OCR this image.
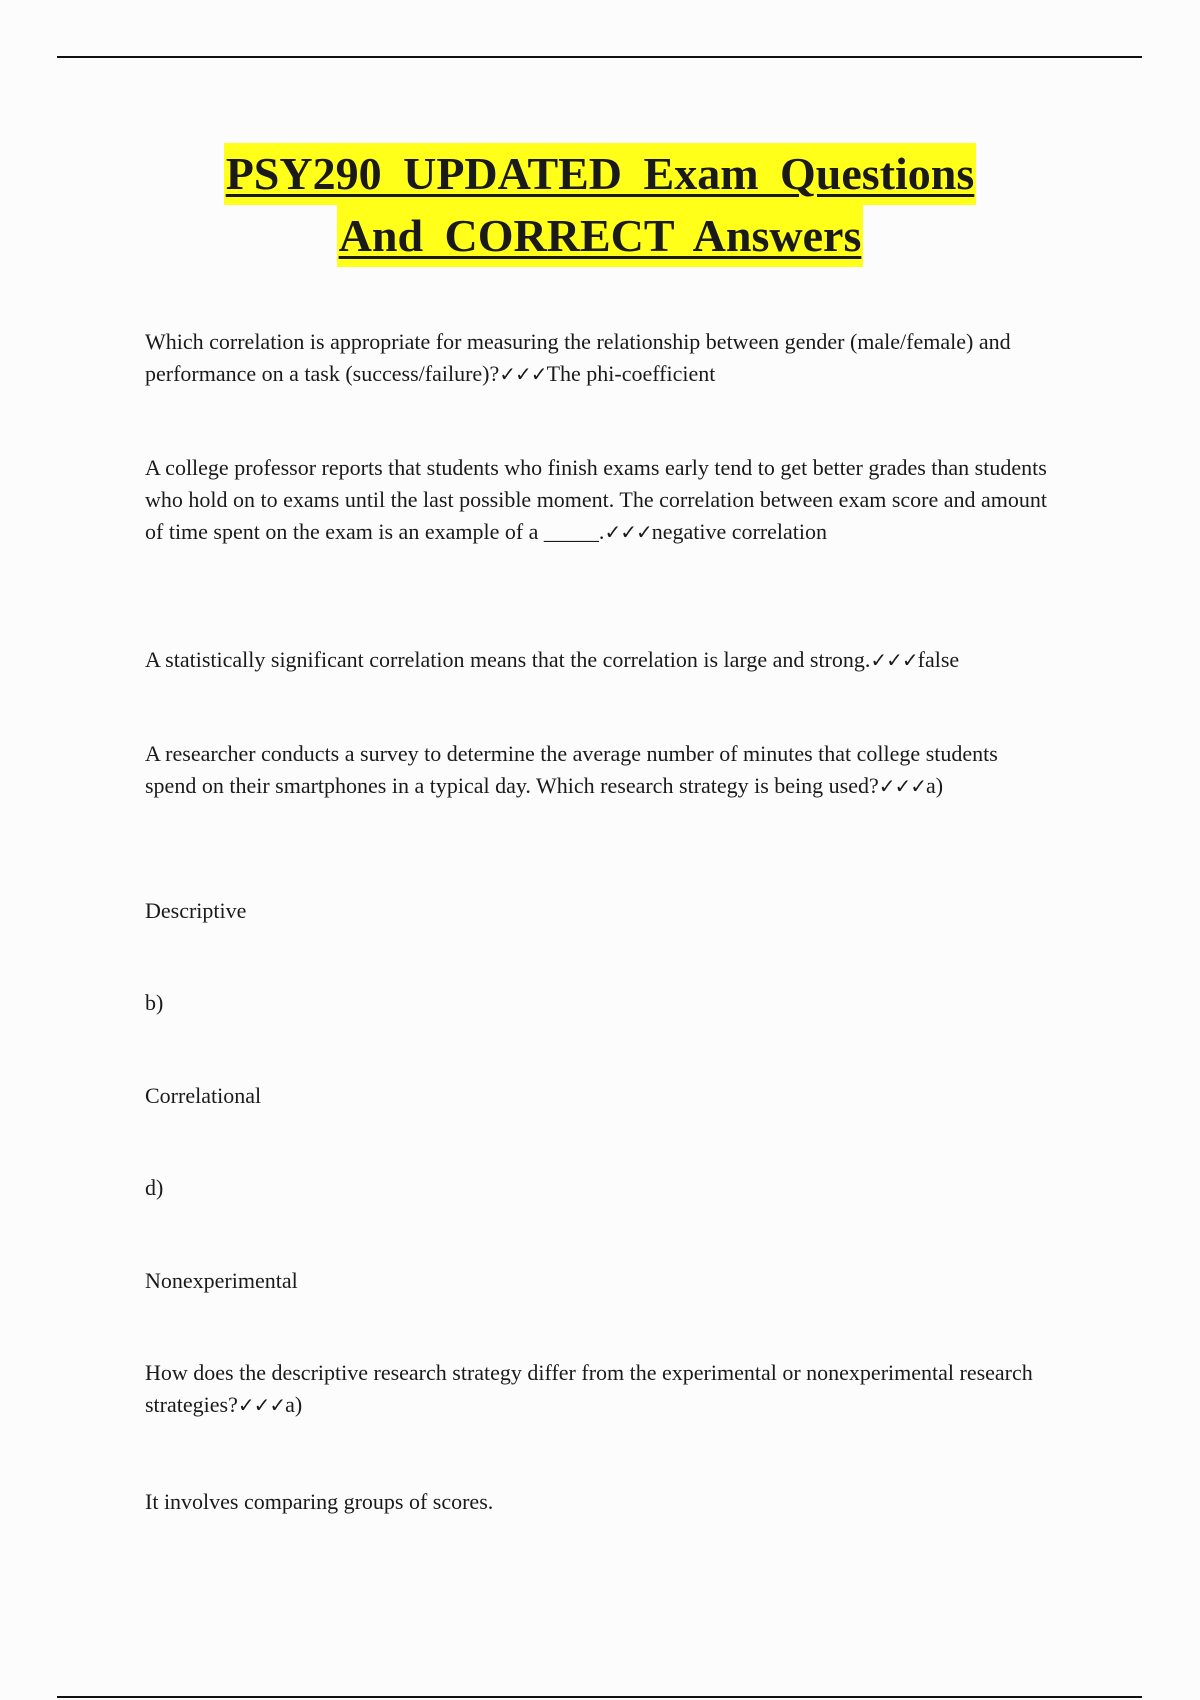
PSY290 UPDATED Exam Questions
And CORRECT Answers

Which correlation is appropriate for measuring the relationship between gender (male/female) and performance on a task (success/failure)?✓✓✓The phi-coefficient

A college professor reports that students who finish exams early tend to get better grades than students who hold on to exams until the last possible moment. The correlation between exam score and amount of time spent on the exam is an example of a _____.✓✓✓negative correlation

A statistically significant correlation means that the correlation is large and strong.✓✓✓false

A researcher conducts a survey to determine the average number of minutes that college students spend on their smartphones in a typical day. Which research strategy is being used?✓✓✓a)

Descriptive

b)

Correlational

d)

Nonexperimental

How does the descriptive research strategy differ from the experimental or nonexperimental research strategies?✓✓✓a)

It involves comparing groups of scores.
